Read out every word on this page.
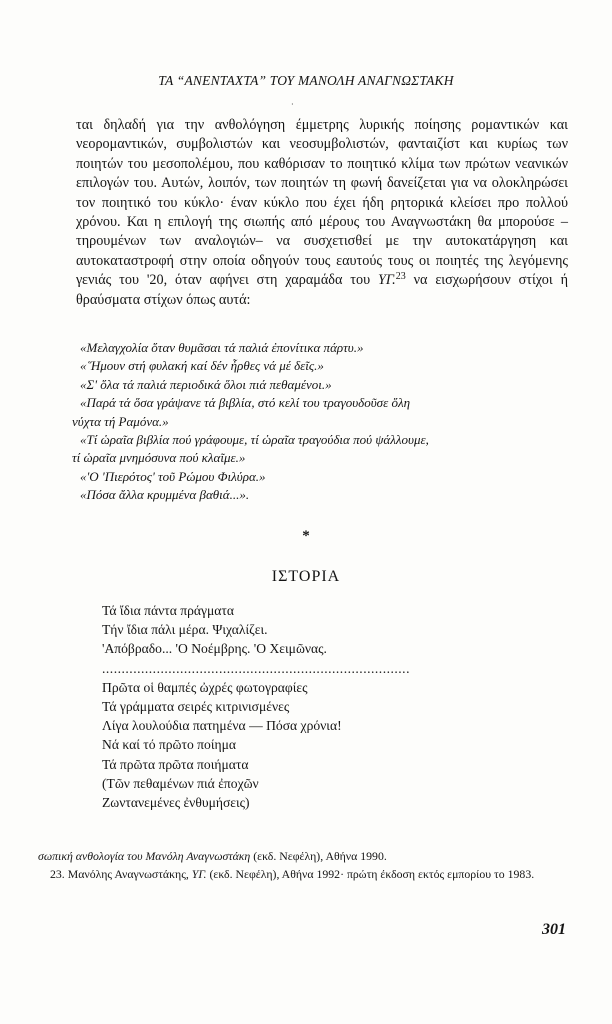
ΤΑ “ΑΝΕΝΤΑΧΤΑ” ΤΟΥ ΜΑΝΟΛΗ ΑΝΑΓΝΩΣΤΑΚΗ
·
ται δηλαδή για την ανθολόγηση έμμετρης λυρικής ποίησης ρομαντικών και νεορομαντικών, συμβολιστών και νεοσυμβολιστών, φανταιζίστ και κυρίως των ποιητών του μεσοπολέμου, που καθόρισαν το ποιητικό κλίμα των πρώτων νεανικών επιλογών του. Αυτών, λοιπόν, των ποιητών τη φωνή δανείζεται για να ολοκληρώσει τον ποιητικό του κύκλο· έναν κύκλο που έχει ήδη ρητορικά κλείσει προ πολλού χρόνου. Και η επιλογή της σιωπής από μέρους του Αναγνωστάκη θα μπορούσε –τηρουμένων των αναλογιών– να συσχετισθεί με την αυτοκατάργηση και αυτοκαταστροφή στην οποία οδηγούν τους εαυτούς τους οι ποιητές της λεγόμενης γενιάς του '20, όταν αφήνει στη χαραμάδα του ΥΓ.$^{23}$ να εισχωρήσουν στίχοι ή θραύσματα στίχων όπως αυτά:
«Μελαγχολία ὅταν θυμᾶσαι τά παλιά ἐπονίτικα πάρτυ.»
«῞Ημουν στή φυλακή καί δέν ἦρθες νά μέ δεῖς.»
«Σ' ὅλα τά παλιά περιοδικά ὅλοι πιά πεθαμένοι.»
«Παρά τά ὅσα γράψανε τά βιβλία, στό κελί του τραγουδοῦσε ὅλη
νύχτα τή Ραμόνα.»
«Τί ὡραῖα βιβλία πού γράφουμε, τί ὡραῖα τραγούδια πού ψάλλουμε,
τί ὡραῖα μνημόσυνα πού κλαῖμε.»
«'Ο 'Πιερότος' τοῦ Ρώμου Φιλύρα.»
«Πόσα ἄλλα κρυμμένα βαθιά...».
*
ΙΣΤΟΡΙΑ
Τά ἴδια πάντα πράγματα
Τήν ἴδια πάλι μέρα. Ψιχαλίζει.
'Απόβραδο... 'Ο Νοέμβρης. 'Ο Χειμῶνας.
...............................................................................
Πρῶτα οἱ θαμπές ὠχρές φωτογραφίες
Τά γράμματα σειρές κιτρινισμένες
Λίγα λουλούδια πατημένα — Πόσα χρόνια!
Νά καί τό πρῶτο ποίημα
Τά πρῶτα πρῶτα ποιήματα
(Τῶν πεθαμένων πιά ἐποχῶν
Ζωντανεμένες ἐνθυμήσεις)
σωπική ανθολογία του Μανόλη Αναγνωστάκη (εκδ. Νεφέλη), Αθήνα 1990.
23. Μανόλης Αναγνωστάκης, ΥΓ. (εκδ. Νεφέλη), Αθήνα 1992· πρώτη έκδοση εκτός εμπορίου το 1983.
301
